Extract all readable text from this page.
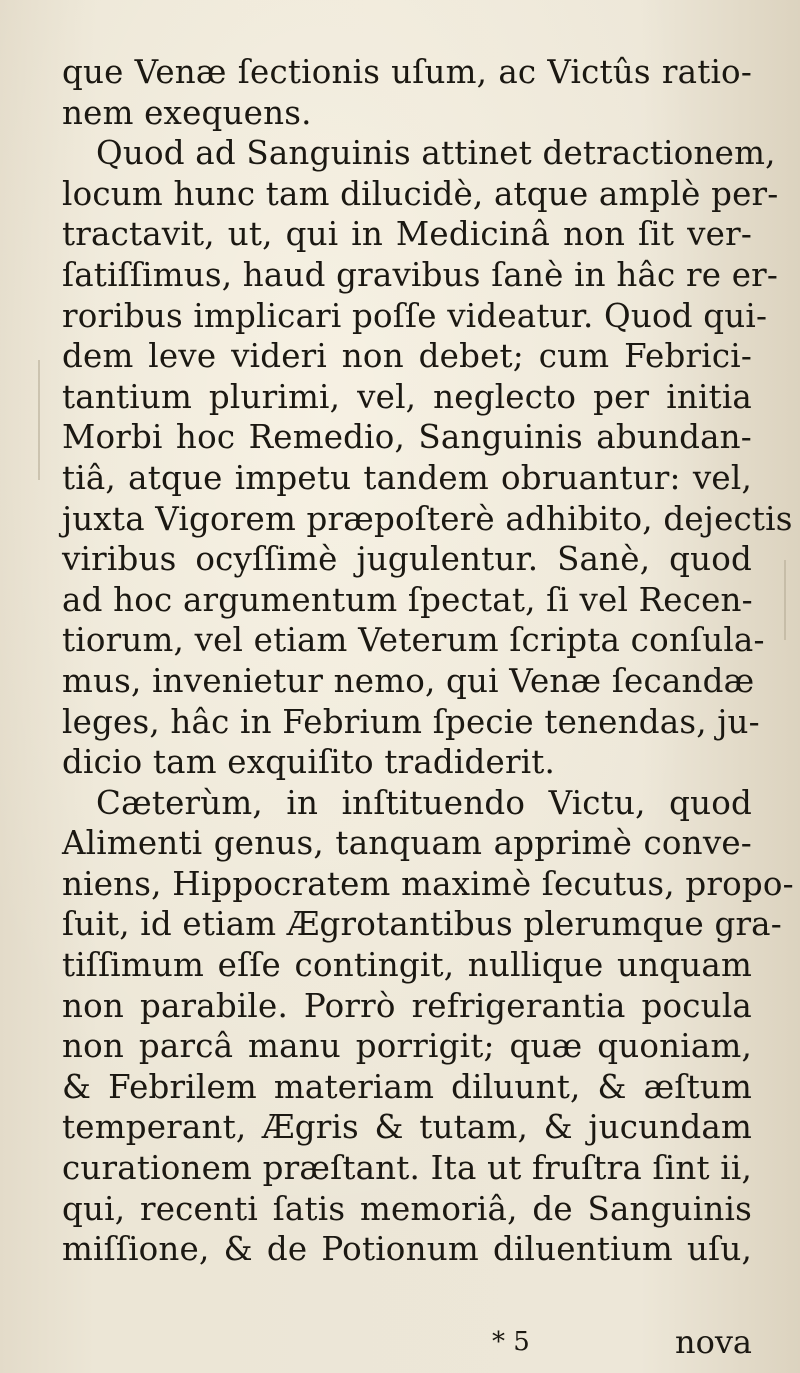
que Venæ ſectionis uſum, ac Victûs ratio-
nem exequens.
Quod ad Sanguinis attinet detractionem,
locum hunc tam dilucidè, atque amplè per-
tractavit, ut, qui in Medicinâ non ſit ver-
ſatiſſimus, haud gravibus ſanè in hâc re er-
roribus implicari poſſe videatur. Quod qui-
dem leve videri non debet; cum Febrici-
tantium plurimi, vel, neglecto per initia
Morbi hoc Remedio, Sanguinis abundan-
tiâ, atque impetu tandem obruantur: vel,
juxta Vigorem præpoſterè adhibito, dejectis
viribus ocyſſimè jugulentur. Sanè, quod
ad hoc argumentum ſpectat, ſi vel Recen-
tiorum, vel etiam Veterum ſcripta conſula-
mus, invenietur nemo, qui Venæ ſecandæ
leges, hâc in Febrium ſpecie tenendas, ju-
dicio tam exquiſito tradiderit.
Cæterùm, in inſtituendo Victu, quod
Alimenti genus, tanquam apprimè conve-
niens, Hippocratem maximè ſecutus, propo-
ſuit, id etiam Ægrotantibus plerumque gra-
tiſſimum eſſe contingit, nullique unquam
non parabile. Porrò refrigerantia pocula
non parcâ manu porrigit; quæ quoniam,
& Febrilem materiam diluunt, & æſtum
temperant, Ægris & tutam, & jucundam
curationem præſtant. Ita ut fruſtra ſint ii,
qui, recenti ſatis memoriâ, de Sanguinis
miſſione, & de Potionum diluentium uſu,
* 5	nova
